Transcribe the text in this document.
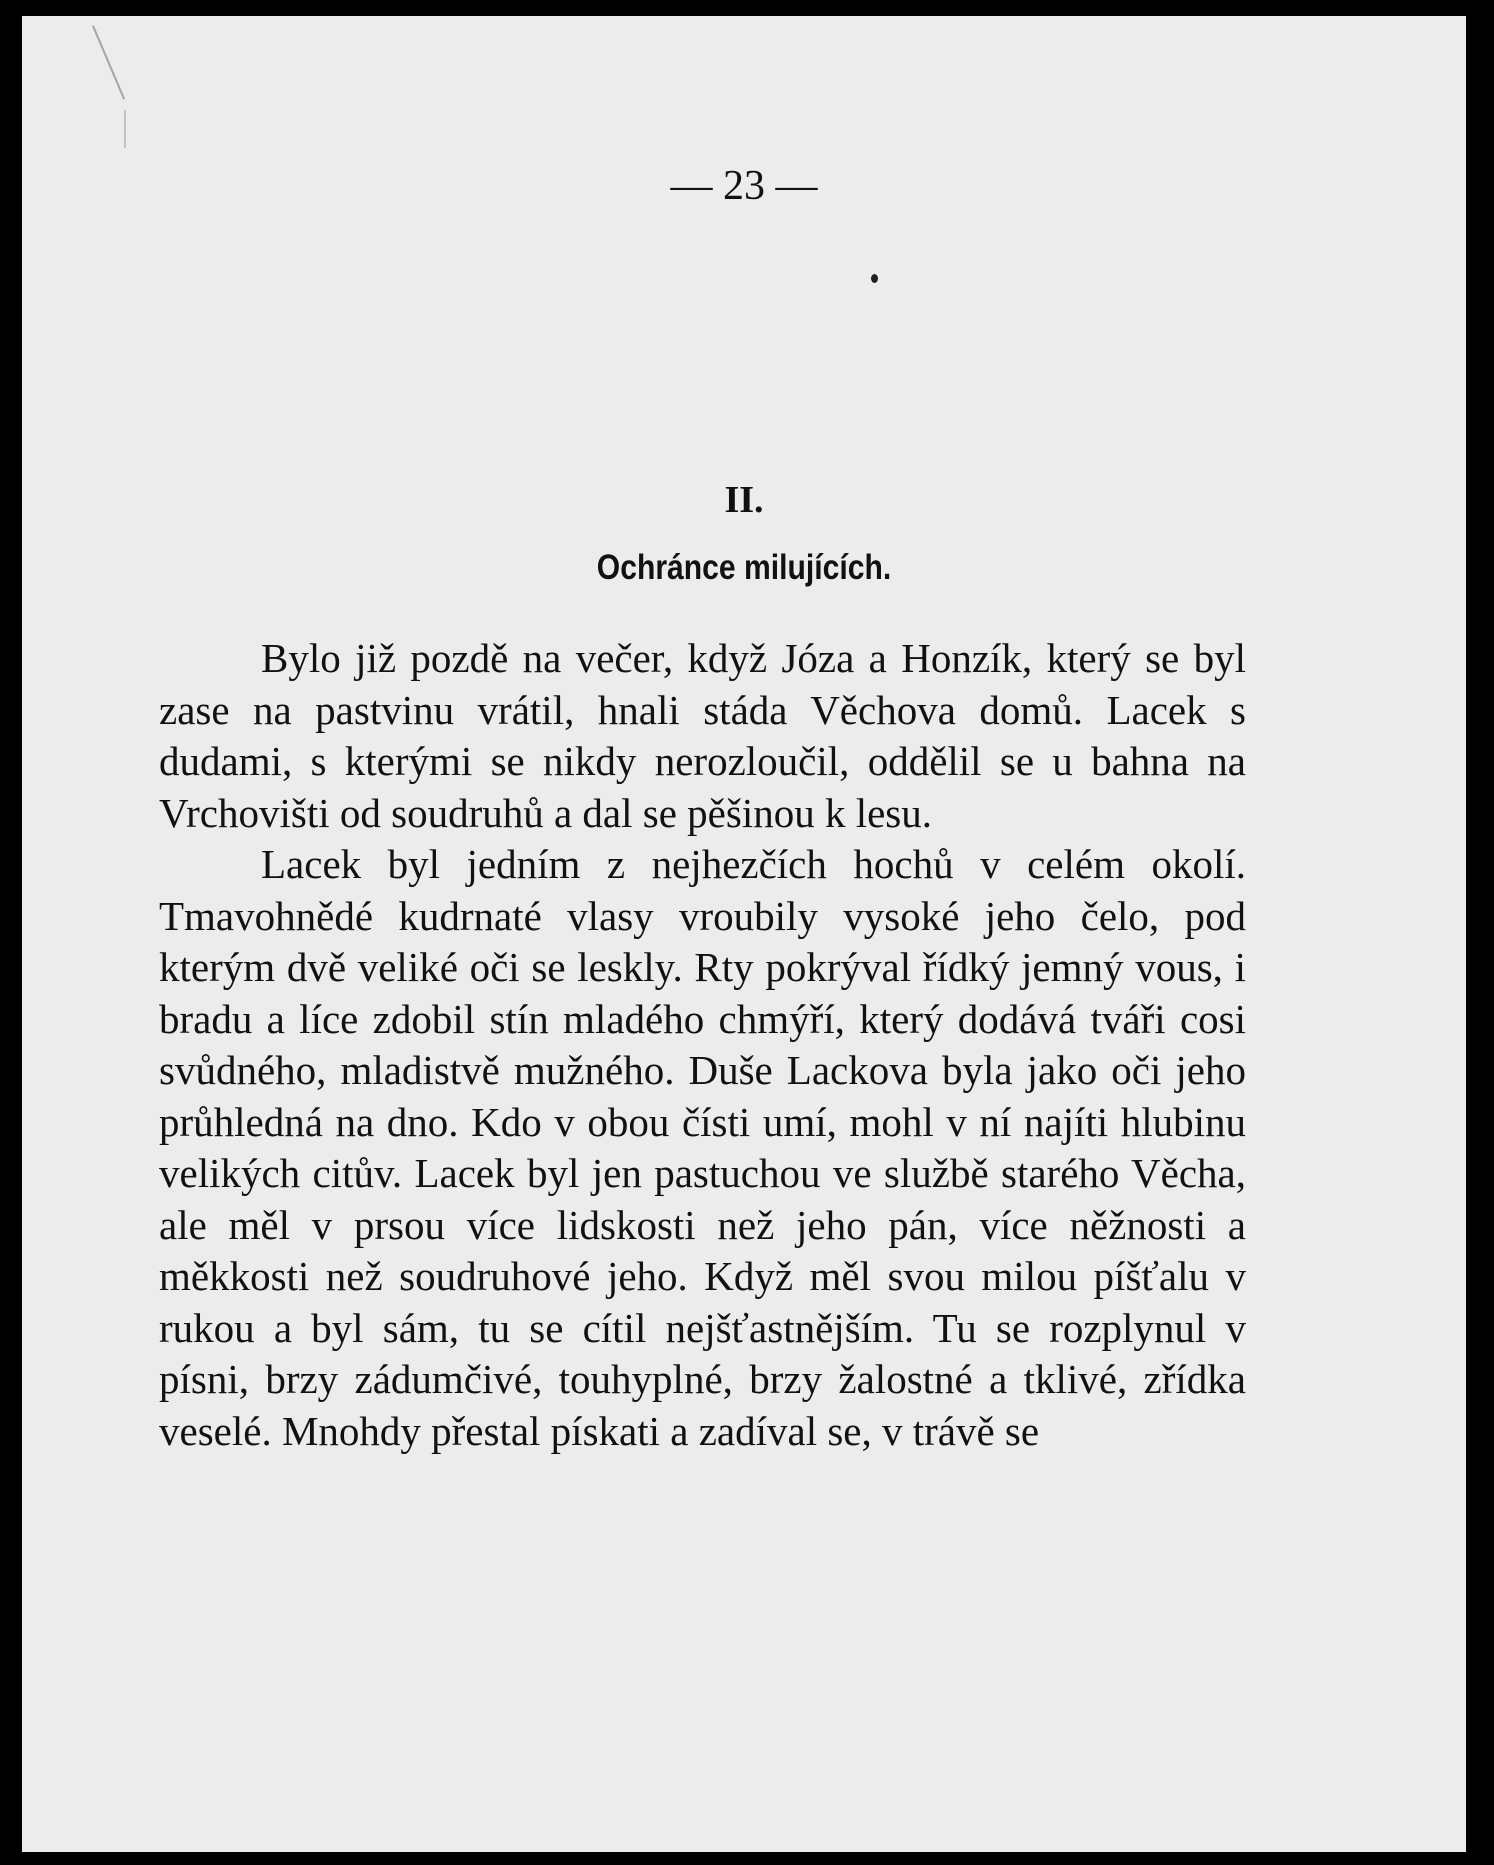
— 23 —
II.
Ochránce milujících.

Bylo již pozdě na večer, když Józa a Honzík, který se byl zase na pastvinu vrátil, hnali stáda Věchova domů. Lacek s dudami, s kterými se nikdy nerozloučil, oddělil se u bahna na Vrchovišti od soudruhů a dal se pěšinou k lesu.

Lacek byl jedním z nejhezčích hochů v celém okolí. Tmavohnědé kudrnaté vlasy vroubily vysoké jeho čelo, pod kterým dvě veliké oči se leskly. Rty pokrýval řídký jemný vous, i bradu a líce zdobil stín mladého chmýří, který dodává tváři cosi svůdného, mladistvě mužného. Duše Lackova byla jako oči jeho průhledná na dno. Kdo v obou čísti umí, mohl v ní najíti hlubinu velikých citův. Lacek byl jen pastuchou ve službě starého Věcha, ale měl v prsou více lidskosti než jeho pán, více něžnosti a měkkosti než soudruhové jeho. Když měl svou milou píšťalu v rukou a byl sám, tu se cítil nejšťastnějším. Tu se rozplynul v písni, brzy zádumčivé, touhyplné, brzy žalostné a tklivé, zřídka veselé. Mnohdy přestal pískati a zadíval se, v trávě se
